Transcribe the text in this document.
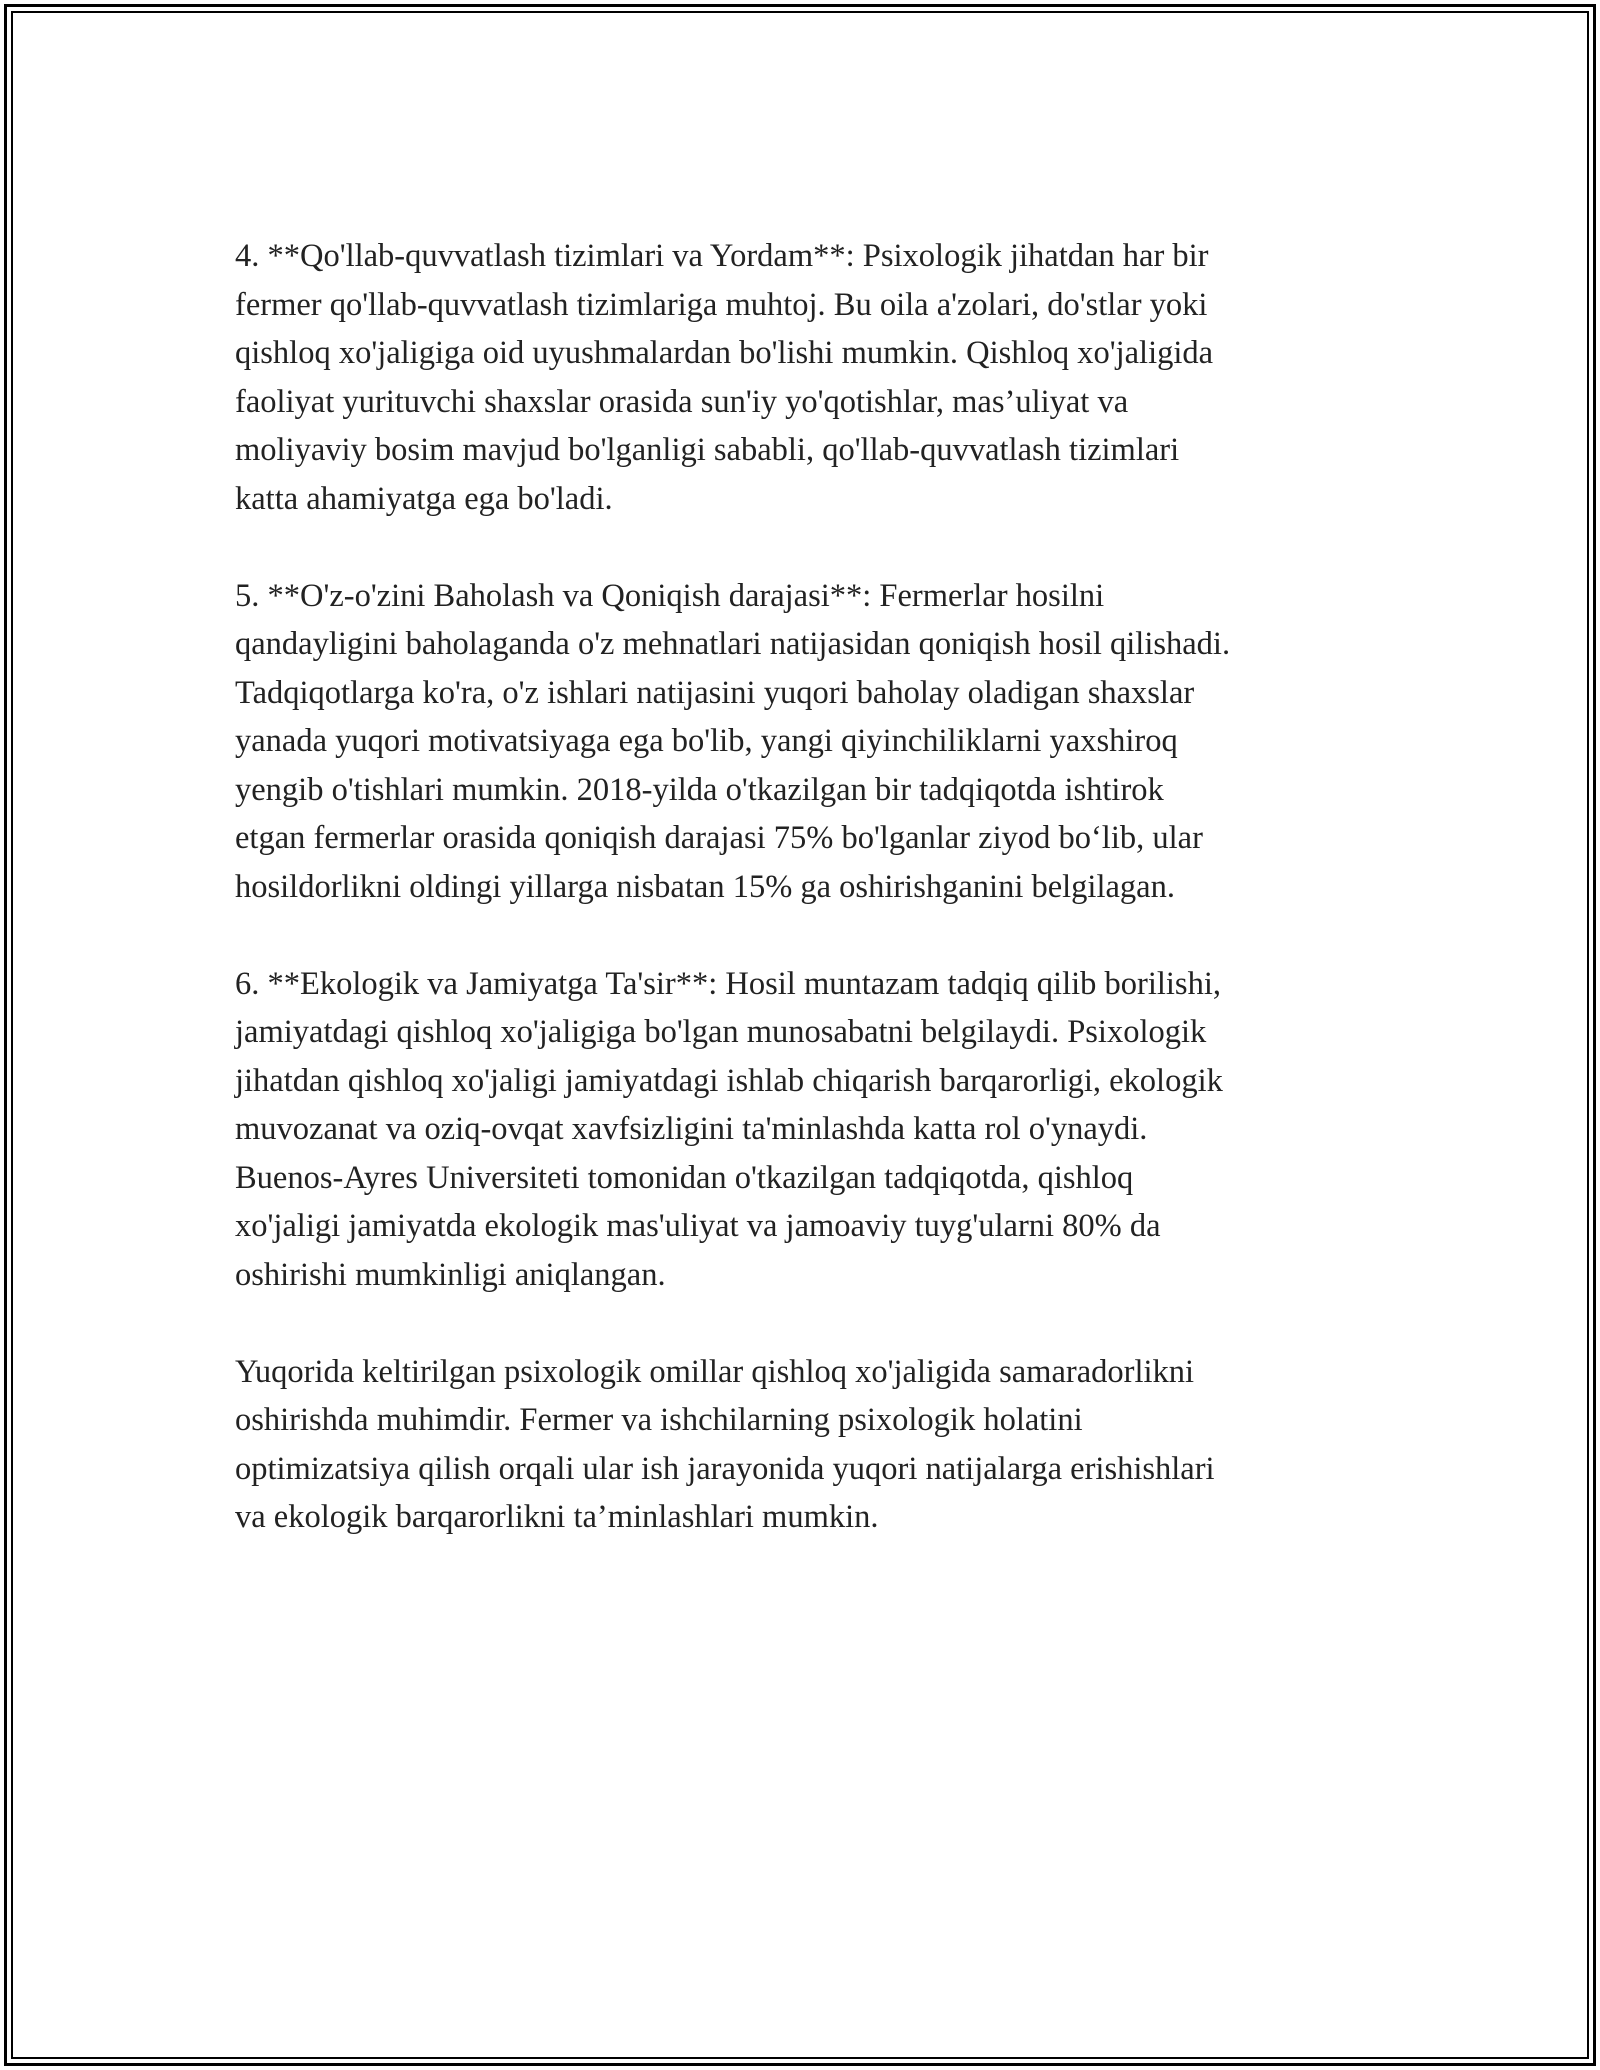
4. **Qo'llab-quvvatlash tizimlari va Yordam**: Psixologik jihatdan har bir
fermer qo'llab-quvvatlash tizimlariga muhtoj. Bu oila a'zolari, do'stlar yoki
qishloq xo'jaligiga oid uyushmalardan bo'lishi mumkin. Qishloq xo'jaligida
faoliyat yurituvchi shaxslar orasida sun'iy yo'qotishlar, mas’uliyat va
moliyaviy bosim mavjud bo'lganligi sababli, qo'llab-quvvatlash tizimlari
katta ahamiyatga ega bo'ladi.

5. **O'z-o'zini Baholash va Qoniqish darajasi**: Fermerlar hosilni
qandayligini baholaganda o'z mehnatlari natijasidan qoniqish hosil qilishadi.
Tadqiqotlarga ko'ra, o'z ishlari natijasini yuqori baholay oladigan shaxslar
yanada yuqori motivatsiyaga ega bo'lib, yangi qiyinchiliklarni yaxshiroq
yengib o'tishlari mumkin. 2018-yilda o'tkazilgan bir tadqiqotda ishtirok
etgan fermerlar orasida qoniqish darajasi 75% bo'lganlar ziyod bo‘lib, ular
hosildorlikni oldingi yillarga nisbatan 15% ga oshirishganini belgilagan.

6. **Ekologik va Jamiyatga Ta'sir**: Hosil muntazam tadqiq qilib borilishi,
jamiyatdagi qishloq xo'jaligiga bo'lgan munosabatni belgilaydi. Psixologik
jihatdan qishloq xo'jaligi jamiyatdagi ishlab chiqarish barqarorligi, ekologik
muvozanat va oziq-ovqat xavfsizligini ta'minlashda katta rol o'ynaydi.
Buenos-Ayres Universiteti tomonidan o'tkazilgan tadqiqotda, qishloq
xo'jaligi jamiyatda ekologik mas'uliyat va jamoaviy tuyg'ularni 80% da
oshirishi mumkinligi aniqlangan.

Yuqorida keltirilgan psixologik omillar qishloq xo'jaligida samaradorlikni
oshirishda muhimdir. Fermer va ishchilarning psixologik holatini
optimizatsiya qilish orqali ular ish jarayonida yuqori natijalarga erishishlari
va ekologik barqarorlikni ta’minlashlari mumkin.
